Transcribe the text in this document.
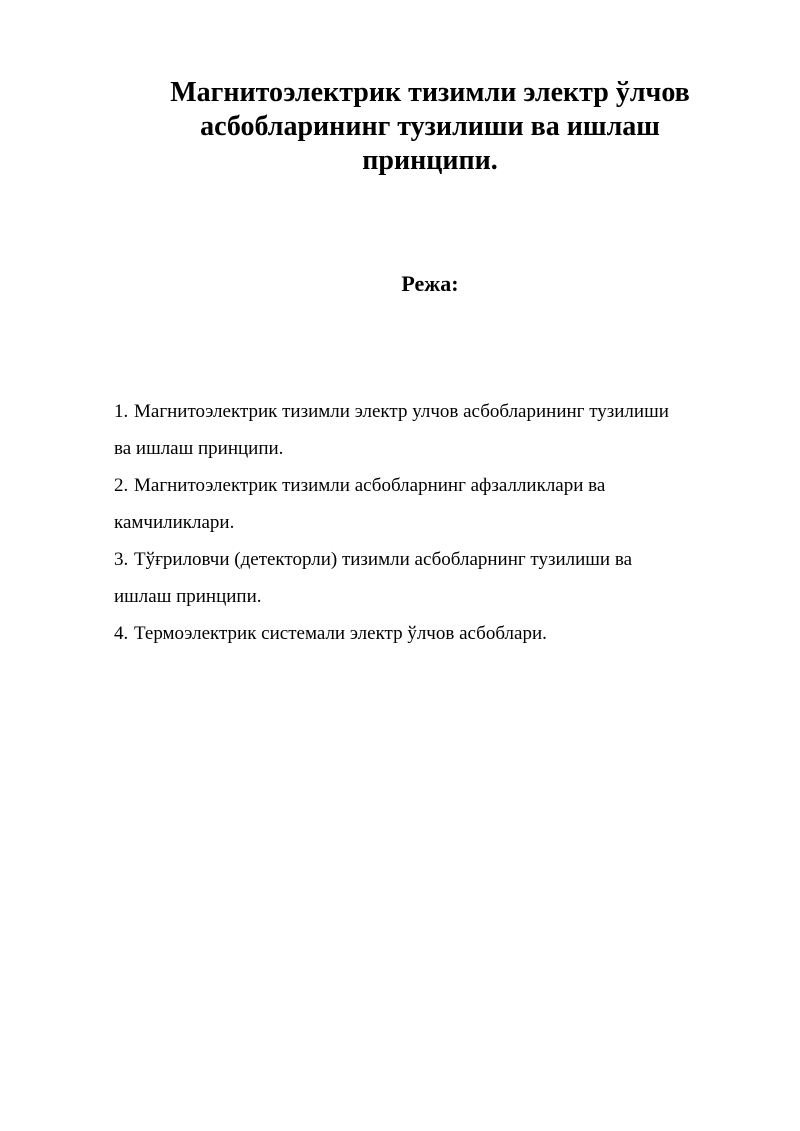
Магнитоэлектрик тизимли электр ўлчов
асбобларининг тузилиши ва ишлаш
принципи.
Режа:
1. Магнитоэлектрик тизимли электр улчов асбобларининг тузилиши
ва ишлаш принципи.
2. Магнитоэлектрик тизимли асбобларнинг афзалликлари ва
камчиликлари.
3. Тўғриловчи (детекторли) тизимли асбобларнинг тузилиши ва
ишлаш принципи.
4. Термоэлектрик системали электр ўлчов асбоблари.
